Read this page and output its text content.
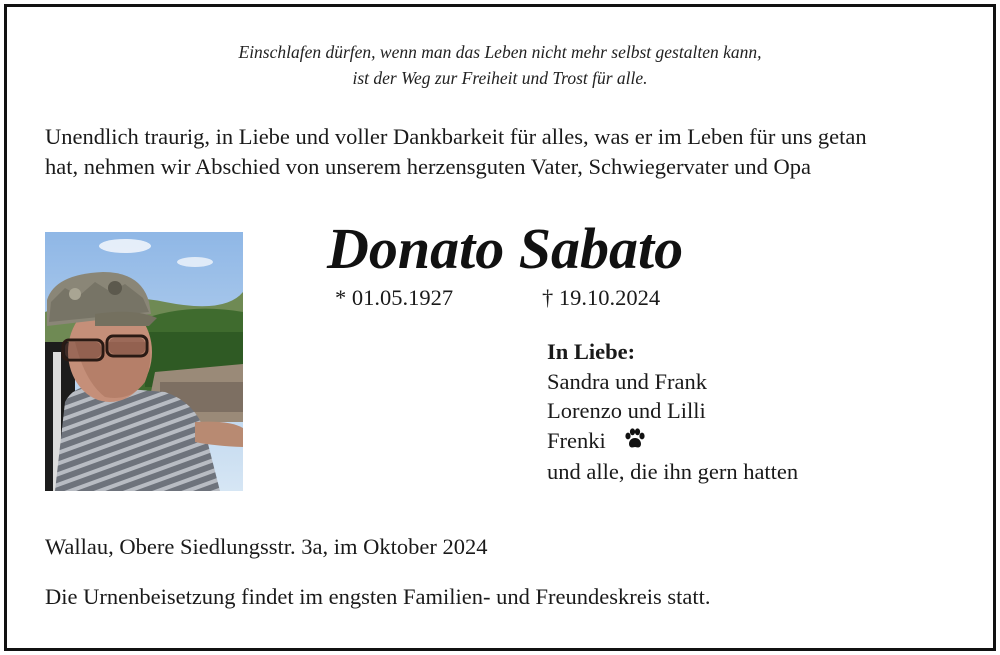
Einschlafen dürfen, wenn man das Leben nicht mehr selbst gestalten kann,
ist der Weg zur Freiheit und Trost für alle.
Unendlich traurig, in Liebe und voller Dankbarkeit für alles, was er im Leben für uns getan
hat, nehmen wir Abschied von unserem herzensguten Vater, Schwiegervater und Opa
Donato Sabato
* 01.05.1927	† 19.10.2024
In Liebe:
Sandra und Frank
Lorenzo und Lilli
Frenki
und alle, die ihn gern hatten
Wallau, Obere Siedlungsstr. 3a, im Oktober 2024
Die Urnenbeisetzung findet im engsten Familien- und Freundeskreis statt.
